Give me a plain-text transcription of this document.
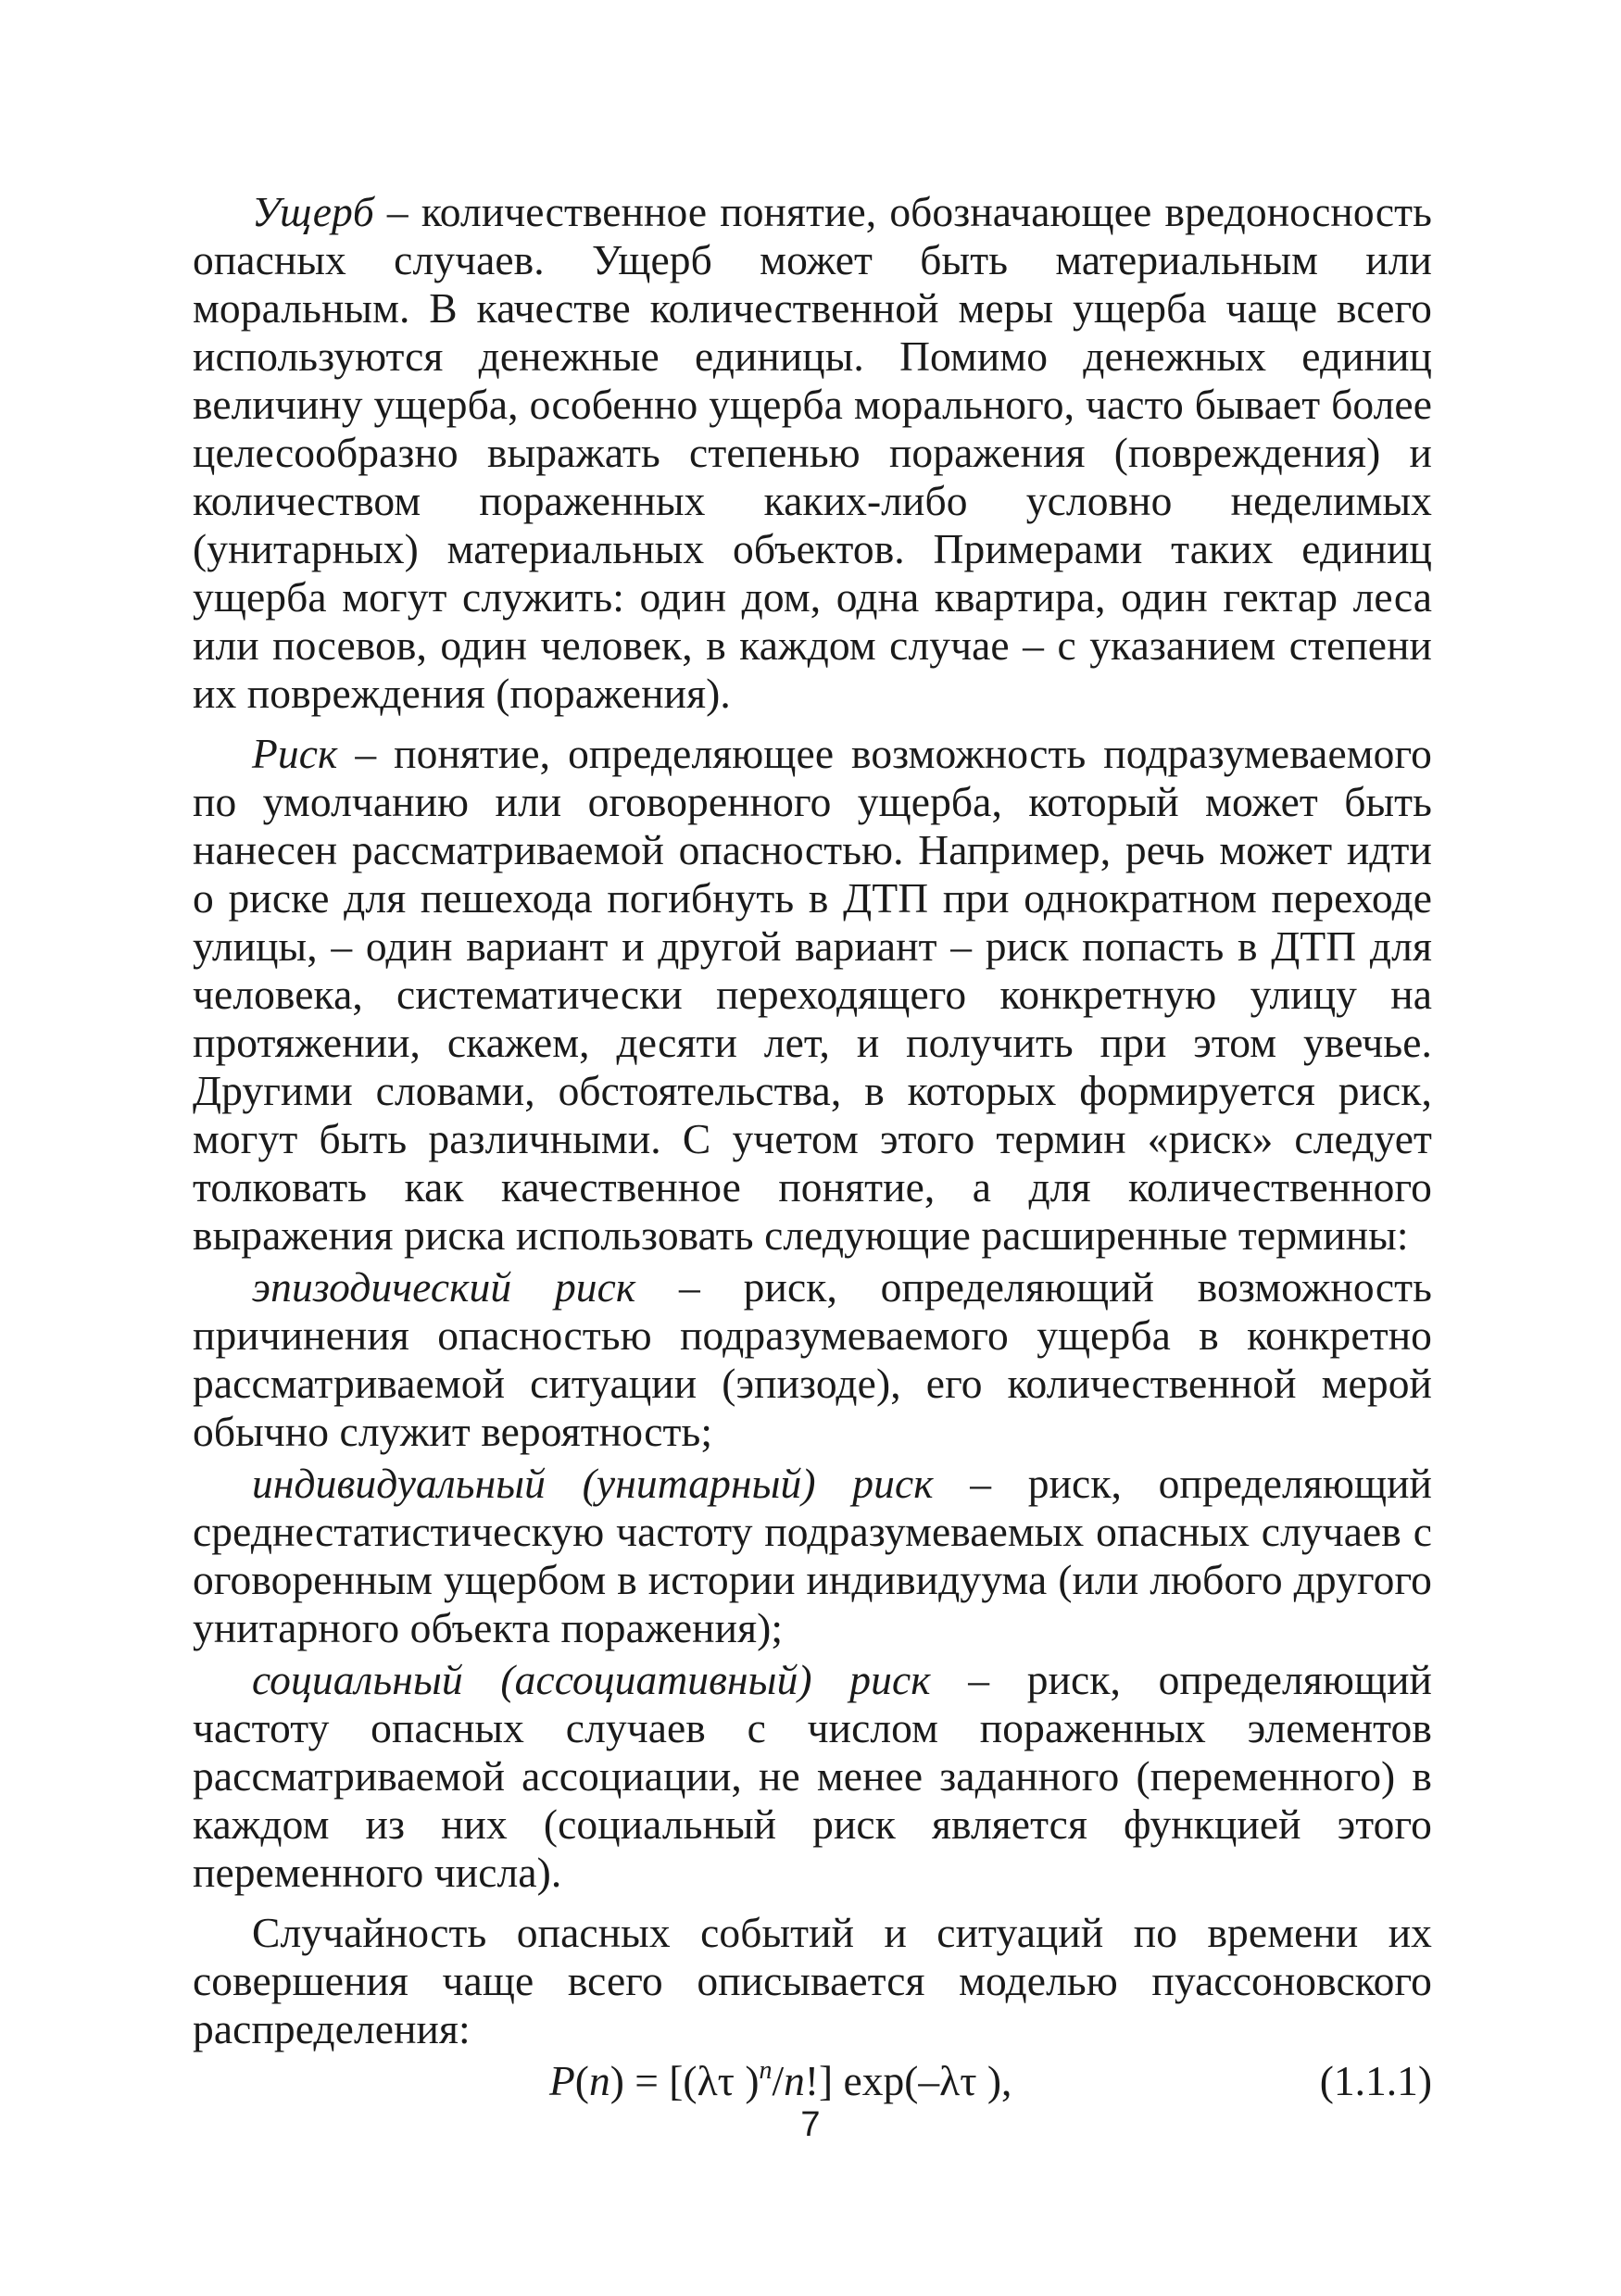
Ущерб – количественное понятие, обозначающее вредоносность опасных случаев. Ущерб может быть материальным или моральным. В качестве количественной меры ущерба чаще всего используются денежные единицы. Помимо денежных единиц величину ущерба, особенно ущерба морального, часто бывает более целесообразно выражать степенью поражения (повреждения) и количеством пораженных каких-либо условно неделимых (унитарных) материальных объектов. Примерами таких единиц ущерба могут служить: один дом, одна квартира, один гектар леса или посевов, один человек, в каждом случае – с указанием степени их повреждения (поражения).

Риск – понятие, определяющее возможность подразумеваемого по умолчанию или оговоренного ущерба, который может быть нанесен рассматриваемой опасностью. Например, речь может идти о риске для пешехода погибнуть в ДТП при однократном переходе улицы, – один вариант и другой вариант – риск попасть в ДТП для человека, систематически переходящего конкретную улицу на протяжении, скажем, десяти лет, и получить при этом увечье. Другими словами, обстоятельства, в которых формируется риск, могут быть различными. С учетом этого термин «риск» следует толковать как качественное понятие, а для количественного выражения риска использовать следующие расширенные термины:

эпизодический риск – риск, определяющий возможность причинения опасностью подразумеваемого ущерба в конкретно рассматриваемой ситуации (эпизоде), его количественной мерой обычно служит вероятность;

индивидуальный (унитарный) риск – риск, определяющий среднестатистическую частоту подразумеваемых опасных случаев с оговоренным ущербом в истории индивидуума (или любого другого унитарного объекта поражения);

социальный (ассоциативный) риск – риск, определяющий частоту опасных случаев с числом пораженных элементов рассматриваемой ассоциации, не менее заданного (переменного) в каждом из них (социальный риск является функцией этого переменного числа).

Случайность опасных событий и ситуаций по времени их совершения чаще всего описывается моделью пуассоновского распределения:

P(n) = [(λτ )$^n$/n!] exp(–λτ ),	(1.1.1)
7
